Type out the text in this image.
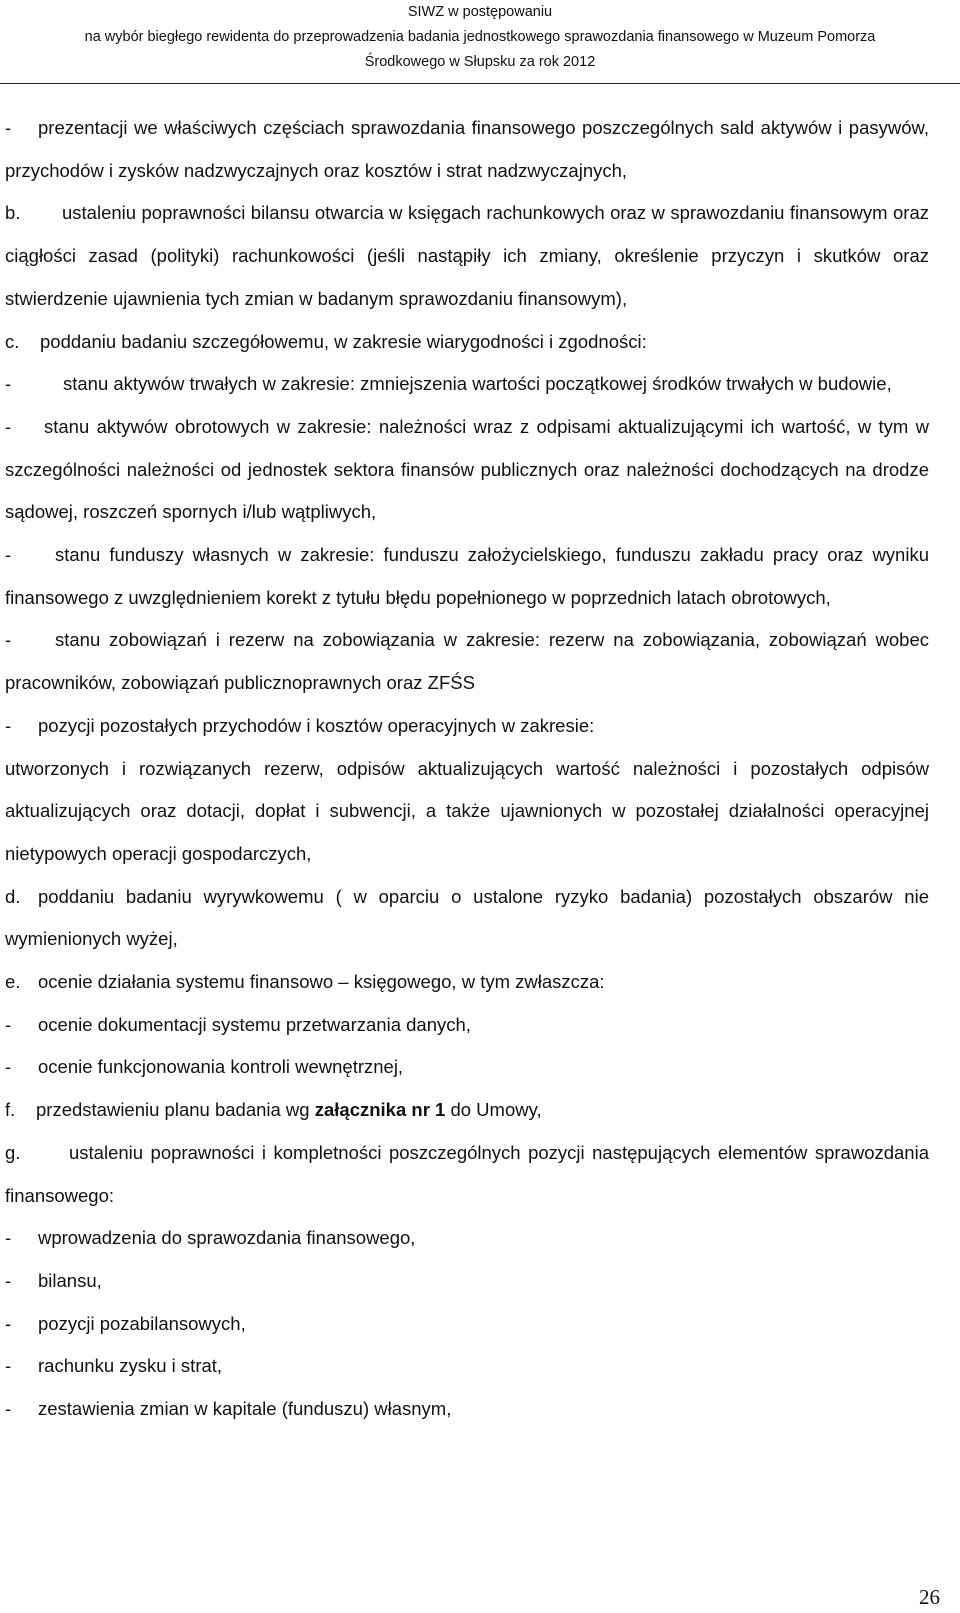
SIWZ w postępowaniu
na wybór biegłego rewidenta do przeprowadzenia badania jednostkowego sprawozdania finansowego w Muzeum Pomorza
Środkowego w Słupsku za rok 2012

- prezentacji we właściwych częściach sprawozdania finansowego poszczególnych sald aktywów i pasywów, przychodów i zysków nadzwyczajnych oraz kosztów i strat nadzwyczajnych,

b. ustaleniu poprawności bilansu otwarcia w księgach rachunkowych oraz w sprawozdaniu finansowym oraz ciągłości zasad (polityki) rachunkowości (jeśli nastąpiły ich zmiany, określenie przyczyn i skutków oraz stwierdzenie ujawnienia tych zmian w badanym sprawozdaniu finansowym),

c. poddaniu badaniu szczegółowemu, w zakresie wiarygodności i zgodności:

-	stanu aktywów trwałych w zakresie: zmniejszenia wartości początkowej środków trwałych w budowie,

- stanu aktywów obrotowych w zakresie: należności wraz z odpisami aktualizującymi ich wartość, w tym w szczególności należności od jednostek sektora finansów publicznych oraz należności dochodzących na drodze sądowej, roszczeń spornych i/lub wątpliwych,

- stanu funduszy własnych w zakresie: funduszu założycielskiego, funduszu zakładu pracy oraz wyniku finansowego z uwzględnieniem korekt z tytułu błędu popełnionego w poprzednich latach obrotowych,

- stanu zobowiązań i rezerw na zobowiązania w zakresie: rezerw na zobowiązania, zobowiązań wobec pracowników, zobowiązań publicznoprawnych oraz ZFŚS

- pozycji pozostałych przychodów i kosztów operacyjnych w zakresie:

utworzonych i rozwiązanych rezerw, odpisów aktualizujących wartość należności i pozostałych odpisów aktualizujących oraz dotacji, dopłat i subwencji, a także ujawnionych w pozostałej działalności operacyjnej nietypowych operacji gospodarczych,

d. poddaniu badaniu wyrywkowemu ( w oparciu o ustalone ryzyko badania) pozostałych obszarów nie wymienionych wyżej,

e. ocenie działania systemu finansowo – księgowego, w tym zwłaszcza:

- ocenie dokumentacji systemu przetwarzania danych,

- ocenie funkcjonowania kontroli wewnętrznej,

f. przedstawieniu planu badania wg załącznika nr 1 do Umowy,

g.	ustaleniu poprawności i kompletności poszczególnych pozycji następujących elementów sprawozdania finansowego:

- wprowadzenia do sprawozdania finansowego,

- bilansu,

- pozycji pozabilansowych,

- rachunku zysku i strat,

- zestawienia zmian w kapitale (funduszu) własnym,

26
